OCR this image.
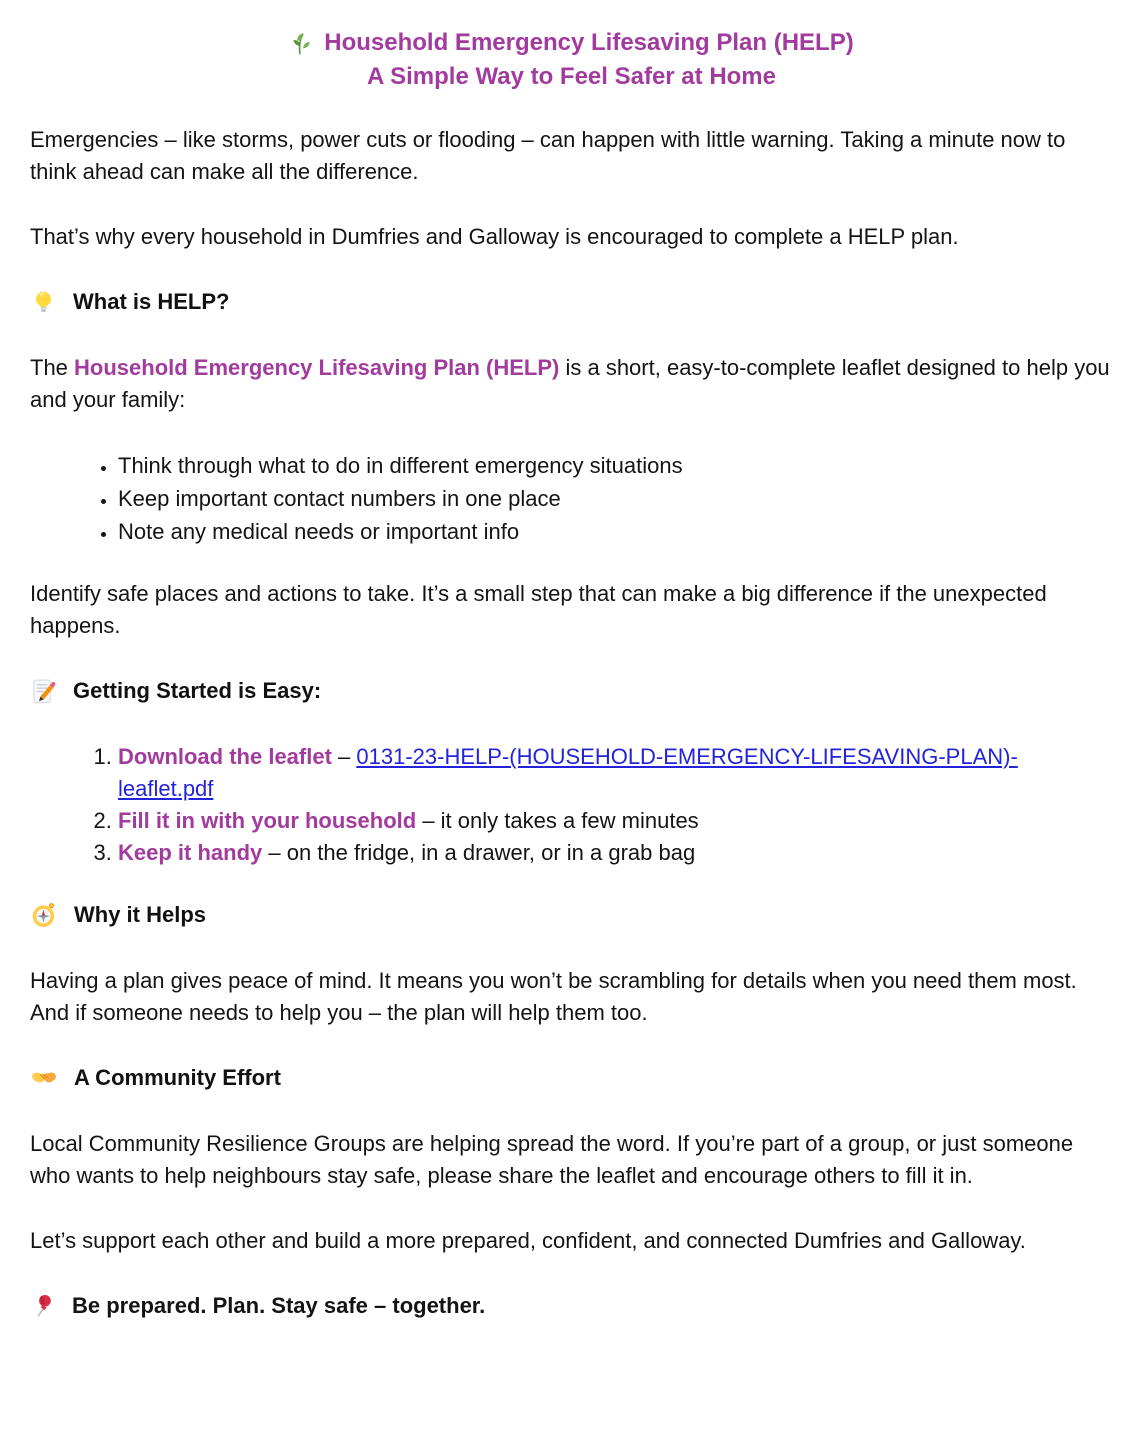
Household Emergency Lifesaving Plan (HELP)
A Simple Way to Feel Safer at Home

Emergencies – like storms, power cuts or flooding – can happen with little warning. Taking a minute now to think ahead can make all the difference.

That’s why every household in Dumfries and Galloway is encouraged to complete a HELP plan.

What is HELP?

The Household Emergency Lifesaving Plan (HELP) is a short, easy-to-complete leaflet designed to help you and your family:

• Think through what to do in different emergency situations
• Keep important contact numbers in one place
• Note any medical needs or important info

Identify safe places and actions to take. It’s a small step that can make a big difference if the unexpected happens.

Getting Started is Easy:
1. Download the leaflet – 0131-23-HELP-(HOUSEHOLD-EMERGENCY-LIFESAVING-PLAN)-leaflet.pdf
2. Fill it in with your household – it only takes a few minutes
3. Keep it handy – on the fridge, in a drawer, or in a grab bag
Why it Helps

Having a plan gives peace of mind. It means you won’t be scrambling for details when you need them most. And if someone needs to help you – the plan will help them too.

A Community Effort

Local Community Resilience Groups are helping spread the word. If you’re part of a group, or just someone who wants to help neighbours stay safe, please share the leaflet and encourage others to fill it in.

Let’s support each other and build a more prepared, confident, and connected Dumfries and Galloway.

Be prepared. Plan. Stay safe – together.
